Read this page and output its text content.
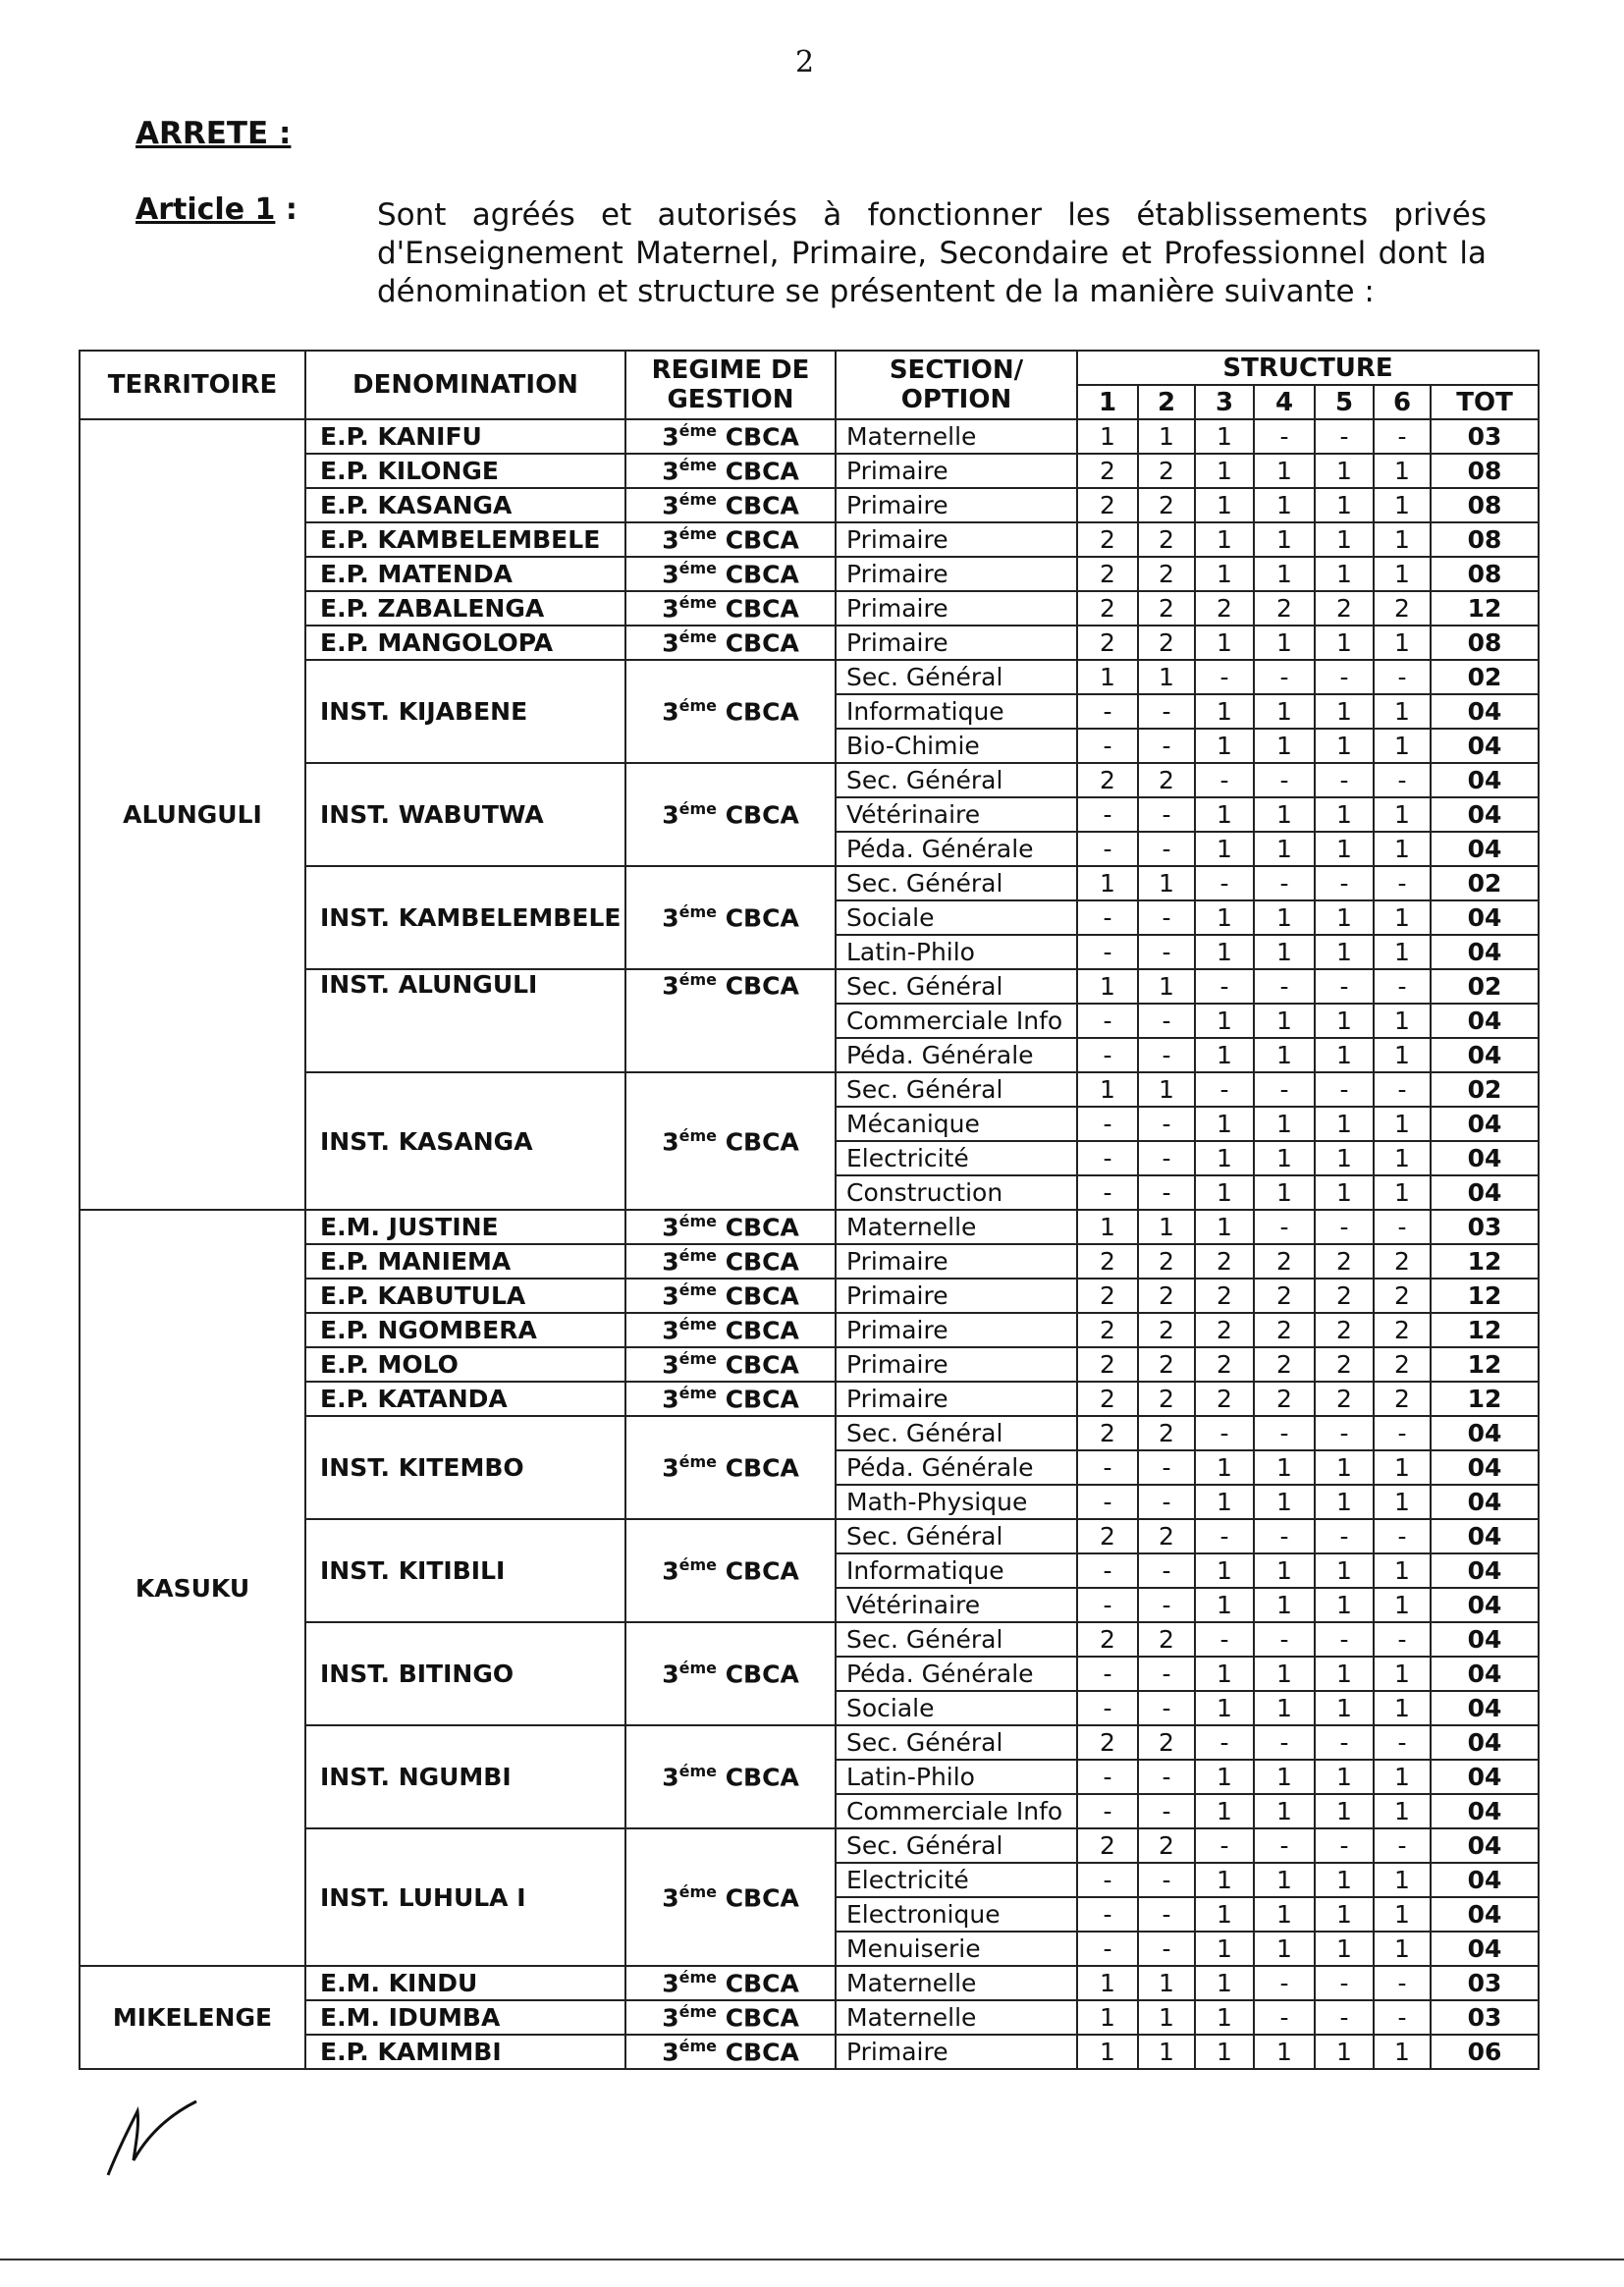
2
ARRETE :
Article 1 :	Sont agréés et autorisés à fonctionner les établissements privés d'Enseignement Maternel, Primaire, Secondaire et Professionnel dont la dénomination et structure se présentent de la manière suivante :
TERRITOIRE	DENOMINATION	REGIME DE GESTION	SECTION/ OPTION	STRUCTURE						
				1	2	3	4	5	6	TOT
ALUNGULI	E.P. KANIFU	$3^{éme}$ CBCA	Maternelle	1	1	1	-	-	-	03
	E.P. KILONGE	$3^{éme}$ CBCA	Primaire	2	2	1	1	1	1	08
	E.P. KASANGA	$3^{éme}$ CBCA	Primaire	2	2	1	1	1	1	08
	E.P. KAMBELEMBELE	$3^{éme}$ CBCA	Primaire	2	2	1	1	1	1	08
	E.P. MATENDA	$3^{éme}$ CBCA	Primaire	2	2	1	1	1	1	08
	E.P. ZABALENGA	$3^{éme}$ CBCA	Primaire	2	2	2	2	2	2	12
	E.P. MANGOLOPA	$3^{éme}$ CBCA	Primaire	2	2	1	1	1	1	08
	INST. KIJABENE	$3^{éme}$ CBCA	Sec. Général	1	1	-	-	-	-	02
			Informatique	-	-	1	1	1	1	04
			Bio-Chimie	-	-	1	1	1	1	04
	INST. WABUTWA	$3^{éme}$ CBCA	Sec. Général	2	2	-	-	-	-	04
			Vétérinaire	-	-	1	1	1	1	04
			Péda. Générale	-	-	1	1	1	1	04
	INST. KAMBELEMBELE	$3^{éme}$ CBCA	Sec. Général	1	1	-	-	-	-	02
			Sociale	-	-	1	1	1	1	04
			Latin-Philo	-	-	1	1	1	1	04
	INST. ALUNGULI	$3^{éme}$ CBCA	Sec. Général	1	1	-	-	-	-	02
			Commerciale Info	-	-	1	1	1	1	04
			Péda. Générale	-	-	1	1	1	1	04
	INST. KASANGA	$3^{éme}$ CBCA	Sec. Général	1	1	-	-	-	-	02
			Mécanique	-	-	1	1	1	1	04
			Electricité	-	-	1	1	1	1	04
			Construction	-	-	1	1	1	1	04
KASUKU	E.M. JUSTINE	$3^{éme}$ CBCA	Maternelle	1	1	1	-	-	-	03
	E.P. MANIEMA	$3^{éme}$ CBCA	Primaire	2	2	2	2	2	2	12
	E.P. KABUTULA	$3^{éme}$ CBCA	Primaire	2	2	2	2	2	2	12
	E.P. NGOMBERA	$3^{éme}$ CBCA	Primaire	2	2	2	2	2	2	12
	E.P. MOLO	$3^{éme}$ CBCA	Primaire	2	2	2	2	2	2	12
	E.P. KATANDA	$3^{éme}$ CBCA	Primaire	2	2	2	2	2	2	12
	INST. KITEMBO	$3^{éme}$ CBCA	Sec. Général	2	2	-	-	-	-	04
			Péda. Générale	-	-	1	1	1	1	04
			Math-Physique	-	-	1	1	1	1	04
	INST. KITIBILI	$3^{éme}$ CBCA	Sec. Général	2	2	-	-	-	-	04
			Informatique	-	-	1	1	1	1	04
			Vétérinaire	-	-	1	1	1	1	04
	INST. BITINGO	$3^{éme}$ CBCA	Sec. Général	2	2	-	-	-	-	04
			Péda. Générale	-	-	1	1	1	1	04
			Sociale	-	-	1	1	1	1	04
	INST. NGUMBI	$3^{éme}$ CBCA	Sec. Général	2	2	-	-	-	-	04
			Latin-Philo	-	-	1	1	1	1	04
			Commerciale Info	-	-	1	1	1	1	04
	INST. LUHULA I	$3^{éme}$ CBCA	Sec. Général	2	2	-	-	-	-	04
			Electricité	-	-	1	1	1	1	04
			Electronique	-	-	1	1	1	1	04
			Menuiserie	-	-	1	1	1	1	04
MIKELENGE	E.M. KINDU	$3^{éme}$ CBCA	Maternelle	1	1	1	-	-	-	03
	E.M. IDUMBA	$3^{éme}$ CBCA	Maternelle	1	1	1	-	-	-	03
	E.P. KAMIMBI	$3^{éme}$ CBCA	Primaire	1	1	1	1	1	1	06
